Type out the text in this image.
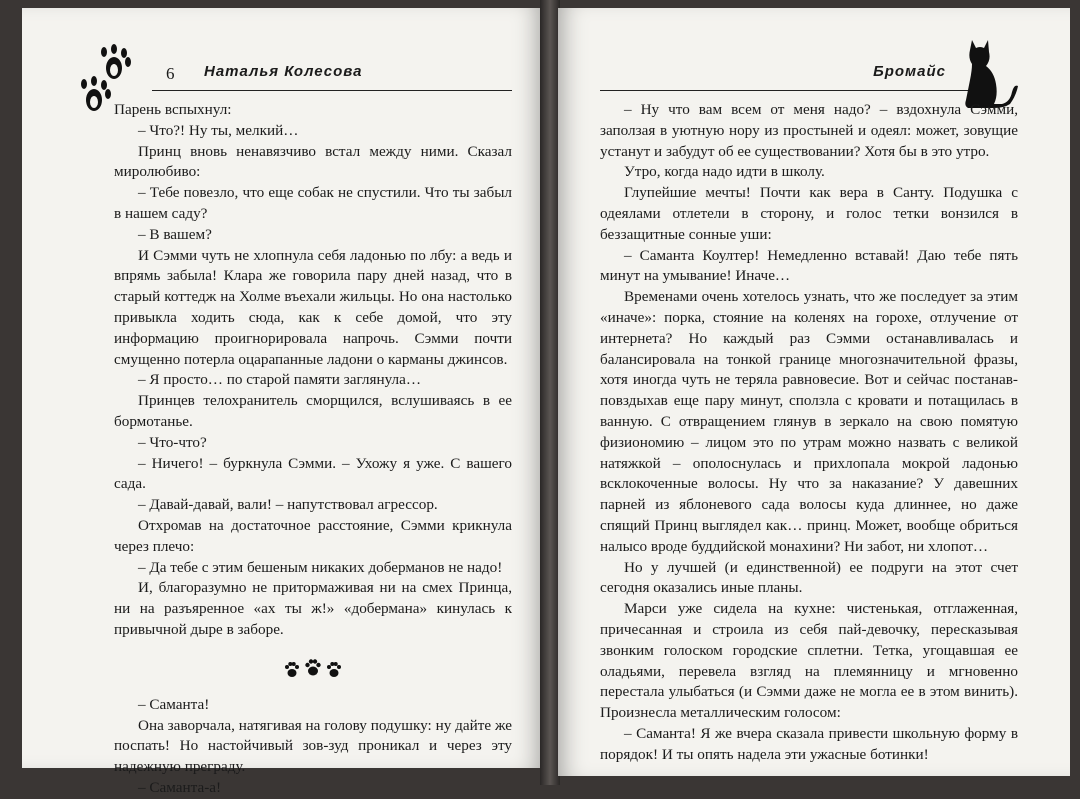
6 Наталья Колесова

Парень вспыхнул:

– Что?! Ну ты, мелкий…

Принц вновь ненавязчиво встал между ними. Сказал миролюбиво:

– Тебе повезло, что еще собак не спустили. Что ты забыл в нашем саду?

– В вашем?

И Сэмми чуть не хлопнула себя ладонью по лбу: а ведь и впрямь забыла! Клара же говорила пару дней назад, что в старый коттедж на Холме въехали жильцы. Но она настолько привыкла ходить сюда, как к себе домой, что эту информацию проигнорировала напрочь. Сэмми почти смущенно потерла оцарапанные ладони о карманы джинсов.

– Я просто… по старой памяти заглянула…

Принцев телохранитель сморщился, вслушиваясь в ее бормотанье.

– Что-что?

– Ничего! – буркнула Сэмми. – Ухожу я уже. С вашего сада.

– Давай-давай, вали! – напутствовал агрессор.

Отхромав на достаточное расстояние, Сэмми крикнула через плечо:

– Да тебе с этим бешеным никаких доберманов не надо!

И, благоразумно не притормаживая ни на смех Принца, ни на разъяренное «ах ты ж!» «добермана» кинулась к привычной дыре в заборе.

– Саманта!

Она заворчала, натягивая на голову подушку: ну дайте же поспать! Но настойчивый зов-зуд проникал и через эту надежную преграду.

– Саманта-а!

Бромайс

– Ну что вам всем от меня надо? – вздохнула Сэмми, заползая в уютную нору из простыней и одеял: может, зовущие устанут и забудут об ее существовании? Хотя бы в это утро.

Утро, когда надо идти в школу.

Глупейшие мечты! Почти как вера в Санту. Подушка с одеялами отлетели в сторону, и голос тетки вонзился в беззащитные сонные уши:

– Саманта Коултер! Немедленно вставай! Даю тебе пять минут на умывание! Иначе…

Временами очень хотелось узнать, что же последует за этим «иначе»: порка, стояние на коленях на горохе, отлучение от интернета? Но каждый раз Сэмми останавливалась и балансировала на тонкой границе многозначительной фразы, хотя иногда чуть не теряла равновесие. Вот и сейчас постанав-повздыхав еще пару минут, сползла с кровати и потащилась в ванную. С отвращением глянув в зеркало на свою помятую физиономию – лицом это по утрам можно назвать с великой натяжкой – ополоснулась и прихлопала мокрой ладонью всклокоченные волосы. Ну что за наказание? У давешних парней из яблоневого сада волосы куда длиннее, но даже спящий Принц выглядел как… принц. Может, вообще обриться налысо вроде буддийской монахини? Ни забот, ни хлопот…

Но у лучшей (и единственной) ее подруги на этот счет сегодня оказались иные планы.

Марси уже сидела на кухне: чистенькая, отглаженная, причесанная и строила из себя пай-девочку, пересказывая звонким голоском городские сплетни. Тетка, угощавшая ее оладьями, перевела взгляд на племянницу и мгновенно перестала улыбаться (и Сэмми даже не могла ее в этом винить). Произнесла металлическим голосом:

– Саманта! Я же вчера сказала привести школьную форму в порядок! И ты опять надела эти ужасные ботинки!
